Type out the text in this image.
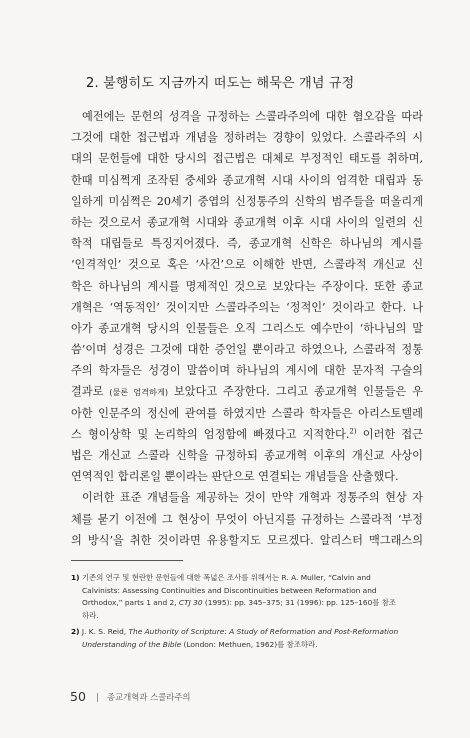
2. 불행히도 지금까지 떠도는 해묵은 개념 규정
예전에는 문헌의 성격을 규정하는 스콜라주의에 대한 혐오감을 따라
그것에 대한 접근법과 개념을 정하려는 경향이 있었다. 스콜라주의 시
대의 문헌들에 대한 당시의 접근법은 대체로 부정적인 태도를 취하며,
한때 미심쩍게 조작된 중세와 종교개혁 시대 사이의 엄격한 대립과 동
일하게 미심쩍은 20세기 중엽의 신정통주의 신학의 범주들을 떠올리게
하는 것으로서 종교개혁 시대와 종교개혁 이후 시대 사이의 일련의 신
학적 대립들로 특징지어졌다. 즉, 종교개혁 신학은 하나님의 계시를
‘인격적인’ 것으로 혹은 ‘사건’으로 이해한 반면, 스콜라적 개신교 신
학은 하나님의 계시를 명제적인 것으로 보았다는 주장이다. 또한 종교
개혁은 ‘역동적인’ 것이지만 스콜라주의는 ‘정적인’ 것이라고 한다. 나
아가 종교개혁 당시의 인물들은 오직 그리스도 예수만이 ‘하나님의 말
씀’이며 성경은 그것에 대한 증언일 뿐이라고 하였으나, 스콜라적 정통
주의 학자들은 성경이 말씀이며 하나님의 계시에 대한 문자적 구술의
결과로 (물론 엄격하게) 보았다고 주장한다. 그리고 종교개혁 인물들은 우
아한 인문주의 정신에 관여를 하였지만 스콜라 학자들은 아리스토텔레
스 형이상학 및 논리학의 엄정함에 빠졌다고 지적한다.$^{2)}$ 이러한 접근
법은 개신교 스콜라 신학을 규정하되 종교개혁 이후의 개신교 사상이
연역적인 합리론일 뿐이라는 판단으로 연결되는 개념들을 산출했다.
이러한 표준 개념들을 제공하는 것이 만약 개혁과 정통주의 현상 자
체를 묻기 이전에 그 현상이 무엇이 아닌지를 규정하는 스콜라적 ‘부정
의 방식’을 취한 것이라면 유용할지도 모르겠다. 알리스터 맥그래스의
1) 기존의 연구 및 현란한 문헌들에 대한 폭넓은 조사를 위해서는 R. A. Muller, “Calvin and
Calvinists: Assessing Continuities and Discontinuities between Reformation and
Orthodox,” parts 1 and 2, CTJ 30 (1995): pp. 345–375; 31 (1996): pp. 125–160를 참조
하라.
2) J. K. S. Reid, The Authority of Scripture: A Study of Reformation and Post-Reformation
Understanding of the Bible (London: Methuen, 1962)를 참조하라.
50 | 종교개혁과 스콜라주의
